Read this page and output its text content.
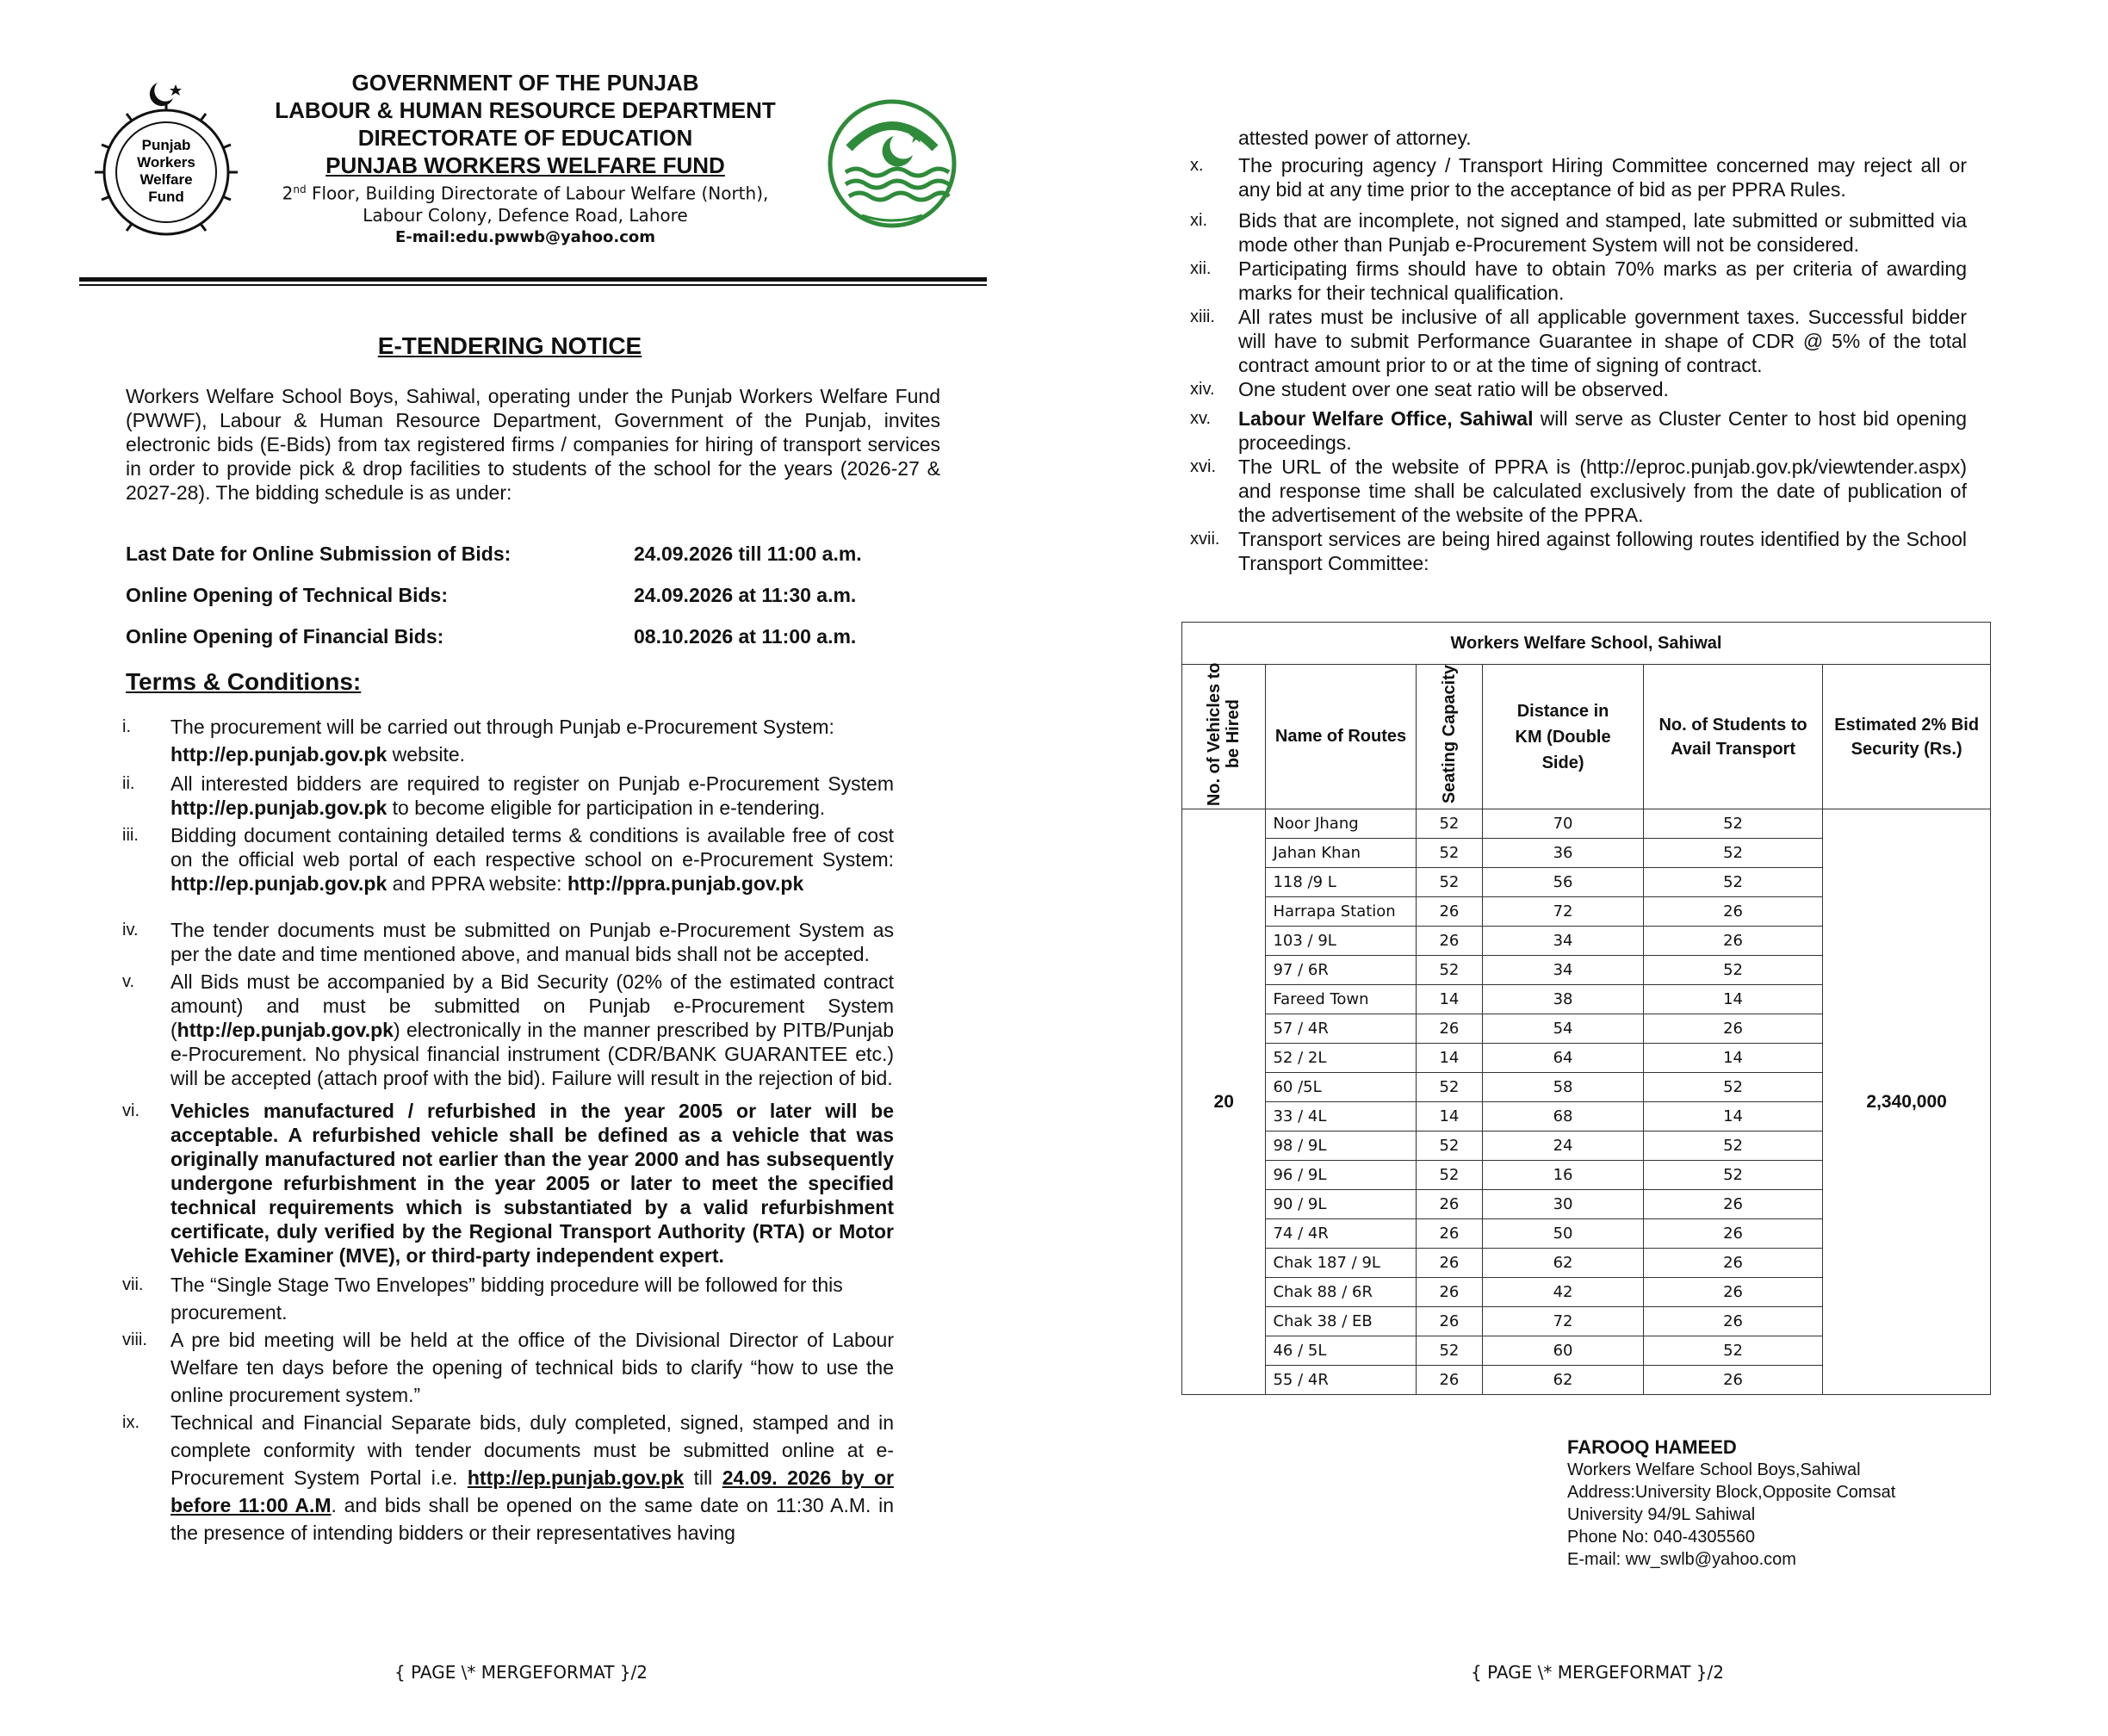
Punjab
Workers
Welfare
Fund
GOVERNMENT OF THE PUNJAB
LABOUR & HUMAN RESOURCE DEPARTMENT
DIRECTORATE OF EDUCATION
PUNJAB WORKERS WELFARE FUND
2nd Floor, Building Directorate of Labour Welfare (North),
Labour Colony, Defence Road, Lahore
E-mail:edu.pwwb@yahoo.com
E-TENDERING NOTICE
Workers Welfare School Boys, Sahiwal, operating under the Punjab Workers Welfare Fund (PWWF), Labour & Human Resource Department, Government of the Punjab, invites electronic bids (E-Bids) from tax registered firms / companies for hiring of transport services in order to provide pick & drop facilities to students of the school for the years (2026-27 & 2027-28). The bidding schedule is as under:
Last Date for Online Submission of Bids:	24.09.2026 till 11:00 a.m.
Online Opening of Technical Bids:	24.09.2026 at 11:30 a.m.
Online Opening of Financial Bids:	08.10.2026 at 11:00 a.m.
Terms & Conditions:
i. The procurement will be carried out through Punjab e-Procurement System:
http://ep.punjab.gov.pk website.
ii. All interested bidders are required to register on Punjab e-Procurement System http://ep.punjab.gov.pk to become eligible for participation in e-tendering.
iii. Bidding document containing detailed terms & conditions is available free of cost on the official web portal of each respective school on e-Procurement System: http://ep.punjab.gov.pk and PPRA website: http://ppra.punjab.gov.pk
iv. The tender documents must be submitted on Punjab e-Procurement System as per the date and time mentioned above, and manual bids shall not be accepted.
v. All Bids must be accompanied by a Bid Security (02% of the estimated contract amount) and must be submitted on Punjab e-Procurement System (http://ep.punjab.gov.pk) electronically in the manner prescribed by PITB/Punjab e-Procurement. No physical financial instrument (CDR/BANK GUARANTEE etc.) will be accepted (attach proof with the bid). Failure will result in the rejection of bid.
vi. Vehicles manufactured / refurbished in the year 2005 or later will be acceptable. A refurbished vehicle shall be defined as a vehicle that was originally manufactured not earlier than the year 2000 and has subsequently undergone refurbishment in the year 2005 or later to meet the specified technical requirements which is substantiated by a valid refurbishment certificate, duly verified by the Regional Transport Authority (RTA) or Motor Vehicle Examiner (MVE), or third-party independent expert.
vii. The “Single Stage Two Envelopes” bidding procedure will be followed for this procurement.
viii. A pre bid meeting will be held at the office of the Divisional Director of Labour Welfare ten days before the opening of technical bids to clarify “how to use the online procurement system.”
ix. Technical and Financial Separate bids, duly completed, signed, stamped and in complete conformity with tender documents must be submitted online at e-Procurement System Portal i.e. http://ep.punjab.gov.pk till 24.09. 2026 by or before 11:00 A.M. and bids shall be opened on the same date on 11:30 A.M. in the presence of intending bidders or their representatives having
{ PAGE \* MERGEFORMAT }/2
attested power of attorney.
x. The procuring agency / Transport Hiring Committee concerned may reject all or any bid at any time prior to the acceptance of bid as per PPRA Rules.
xi. Bids that are incomplete, not signed and stamped, late submitted or submitted via mode other than Punjab e-Procurement System will not be considered.
xii. Participating firms should have to obtain 70% marks as per criteria of awarding marks for their technical qualification.
xiii. All rates must be inclusive of all applicable government taxes. Successful bidder will have to submit Performance Guarantee in shape of CDR @ 5% of the total contract amount prior to or at the time of signing of contract.
xiv. One student over one seat ratio will be observed.
xv. Labour Welfare Office, Sahiwal will serve as Cluster Center to host bid opening proceedings.
xvi. The URL of the website of PPRA is (http://eproc.punjab.gov.pk/viewtender.aspx) and response time shall be calculated exclusively from the date of publication of the advertisement of the website of the PPRA.
xvii. Transport services are being hired against following routes identified by the School Transport Committee:
Workers Welfare School, Sahiwal					
No. of Vehicles to be Hired	Name of Routes	Seating Capacity	Distance in KM (Double Side)	No. of Students to Avail Transport	Estimated 2% Bid Security (Rs.)
20	Noor Jhang	52	70	52	2,340,000
	Jahan Khan	52	36	52	
	118 /9 L	52	56	52	
	Harrapa Station	26	72	26	
	103 / 9L	26	34	26	
	97 / 6R	52	34	52	
	Fareed Town	14	38	14	
	57 / 4R	26	54	26	
	52 / 2L	14	64	14	
	60 /5L	52	58	52	
	33 / 4L	14	68	14	
	98 / 9L	52	24	52	
	96 / 9L	52	16	52	
	90 / 9L	26	30	26	
	74 / 4R	26	50	26	
	Chak 187 / 9L	26	62	26	
	Chak 88 / 6R	26	42	26	
	Chak 38 / EB	26	72	26	
	46 / 5L	52	60	52	
	55 / 4R	26	62	26	
FAROOQ HAMEED
Workers Welfare School Boys,Sahiwal
Address:University Block,Opposite Comsat
University 94/9L Sahiwal
Phone No: 040-4305560
E-mail: ww_swlb@yahoo.com
{ PAGE \* MERGEFORMAT }/2
